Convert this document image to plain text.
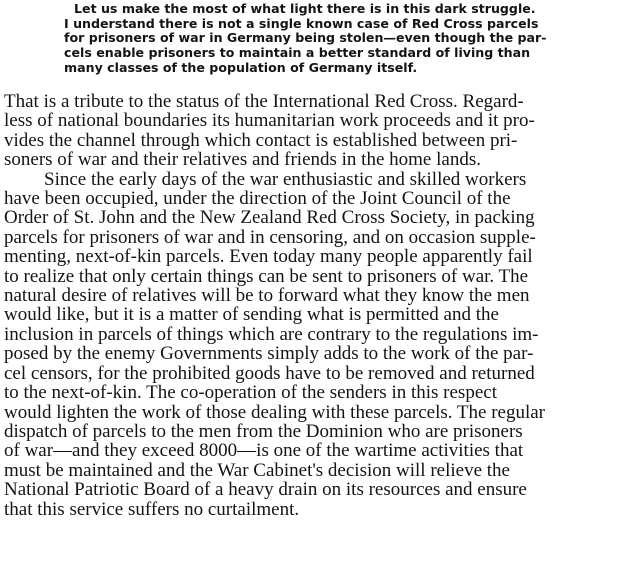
Let us make the most of what light there is in this dark struggle.
I understand there is not a single known case of Red Cross parcels
for prisoners of war in Germany being stolen—even though the par-
cels enable prisoners to maintain a better standard of living than
many classes of the population of Germany itself.

That is a tribute to the status of the International Red Cross. Regard-
less of national boundaries its humanitarian work proceeds and it pro-
vides the channel through which contact is established between pri-
soners of war and their relatives and friends in the home lands.

Since the early days of the war enthusiastic and skilled workers
have been occupied, under the direction of the Joint Council of the
Order of St. John and the New Zealand Red Cross Society, in packing
parcels for prisoners of war and in censoring, and on occasion supple-
menting, next-of-kin parcels. Even today many people apparently fail
to realize that only certain things can be sent to prisoners of war. The
natural desire of relatives will be to forward what they know the men
would like, but it is a matter of sending what is permitted and the
inclusion in parcels of things which are contrary to the regulations im-
posed by the enemy Governments simply adds to the work of the par-
cel censors, for the prohibited goods have to be removed and returned
to the next-of-kin. The co-operation of the senders in this respect
would lighten the work of those dealing with these parcels. The regular
dispatch of parcels to the men from the Dominion who are prisoners
of war—and they exceed 8000—is one of the wartime activities that
must be maintained and the War Cabinet's decision will relieve the
National Patriotic Board of a heavy drain on its resources and ensure
that this service suffers no curtailment.
